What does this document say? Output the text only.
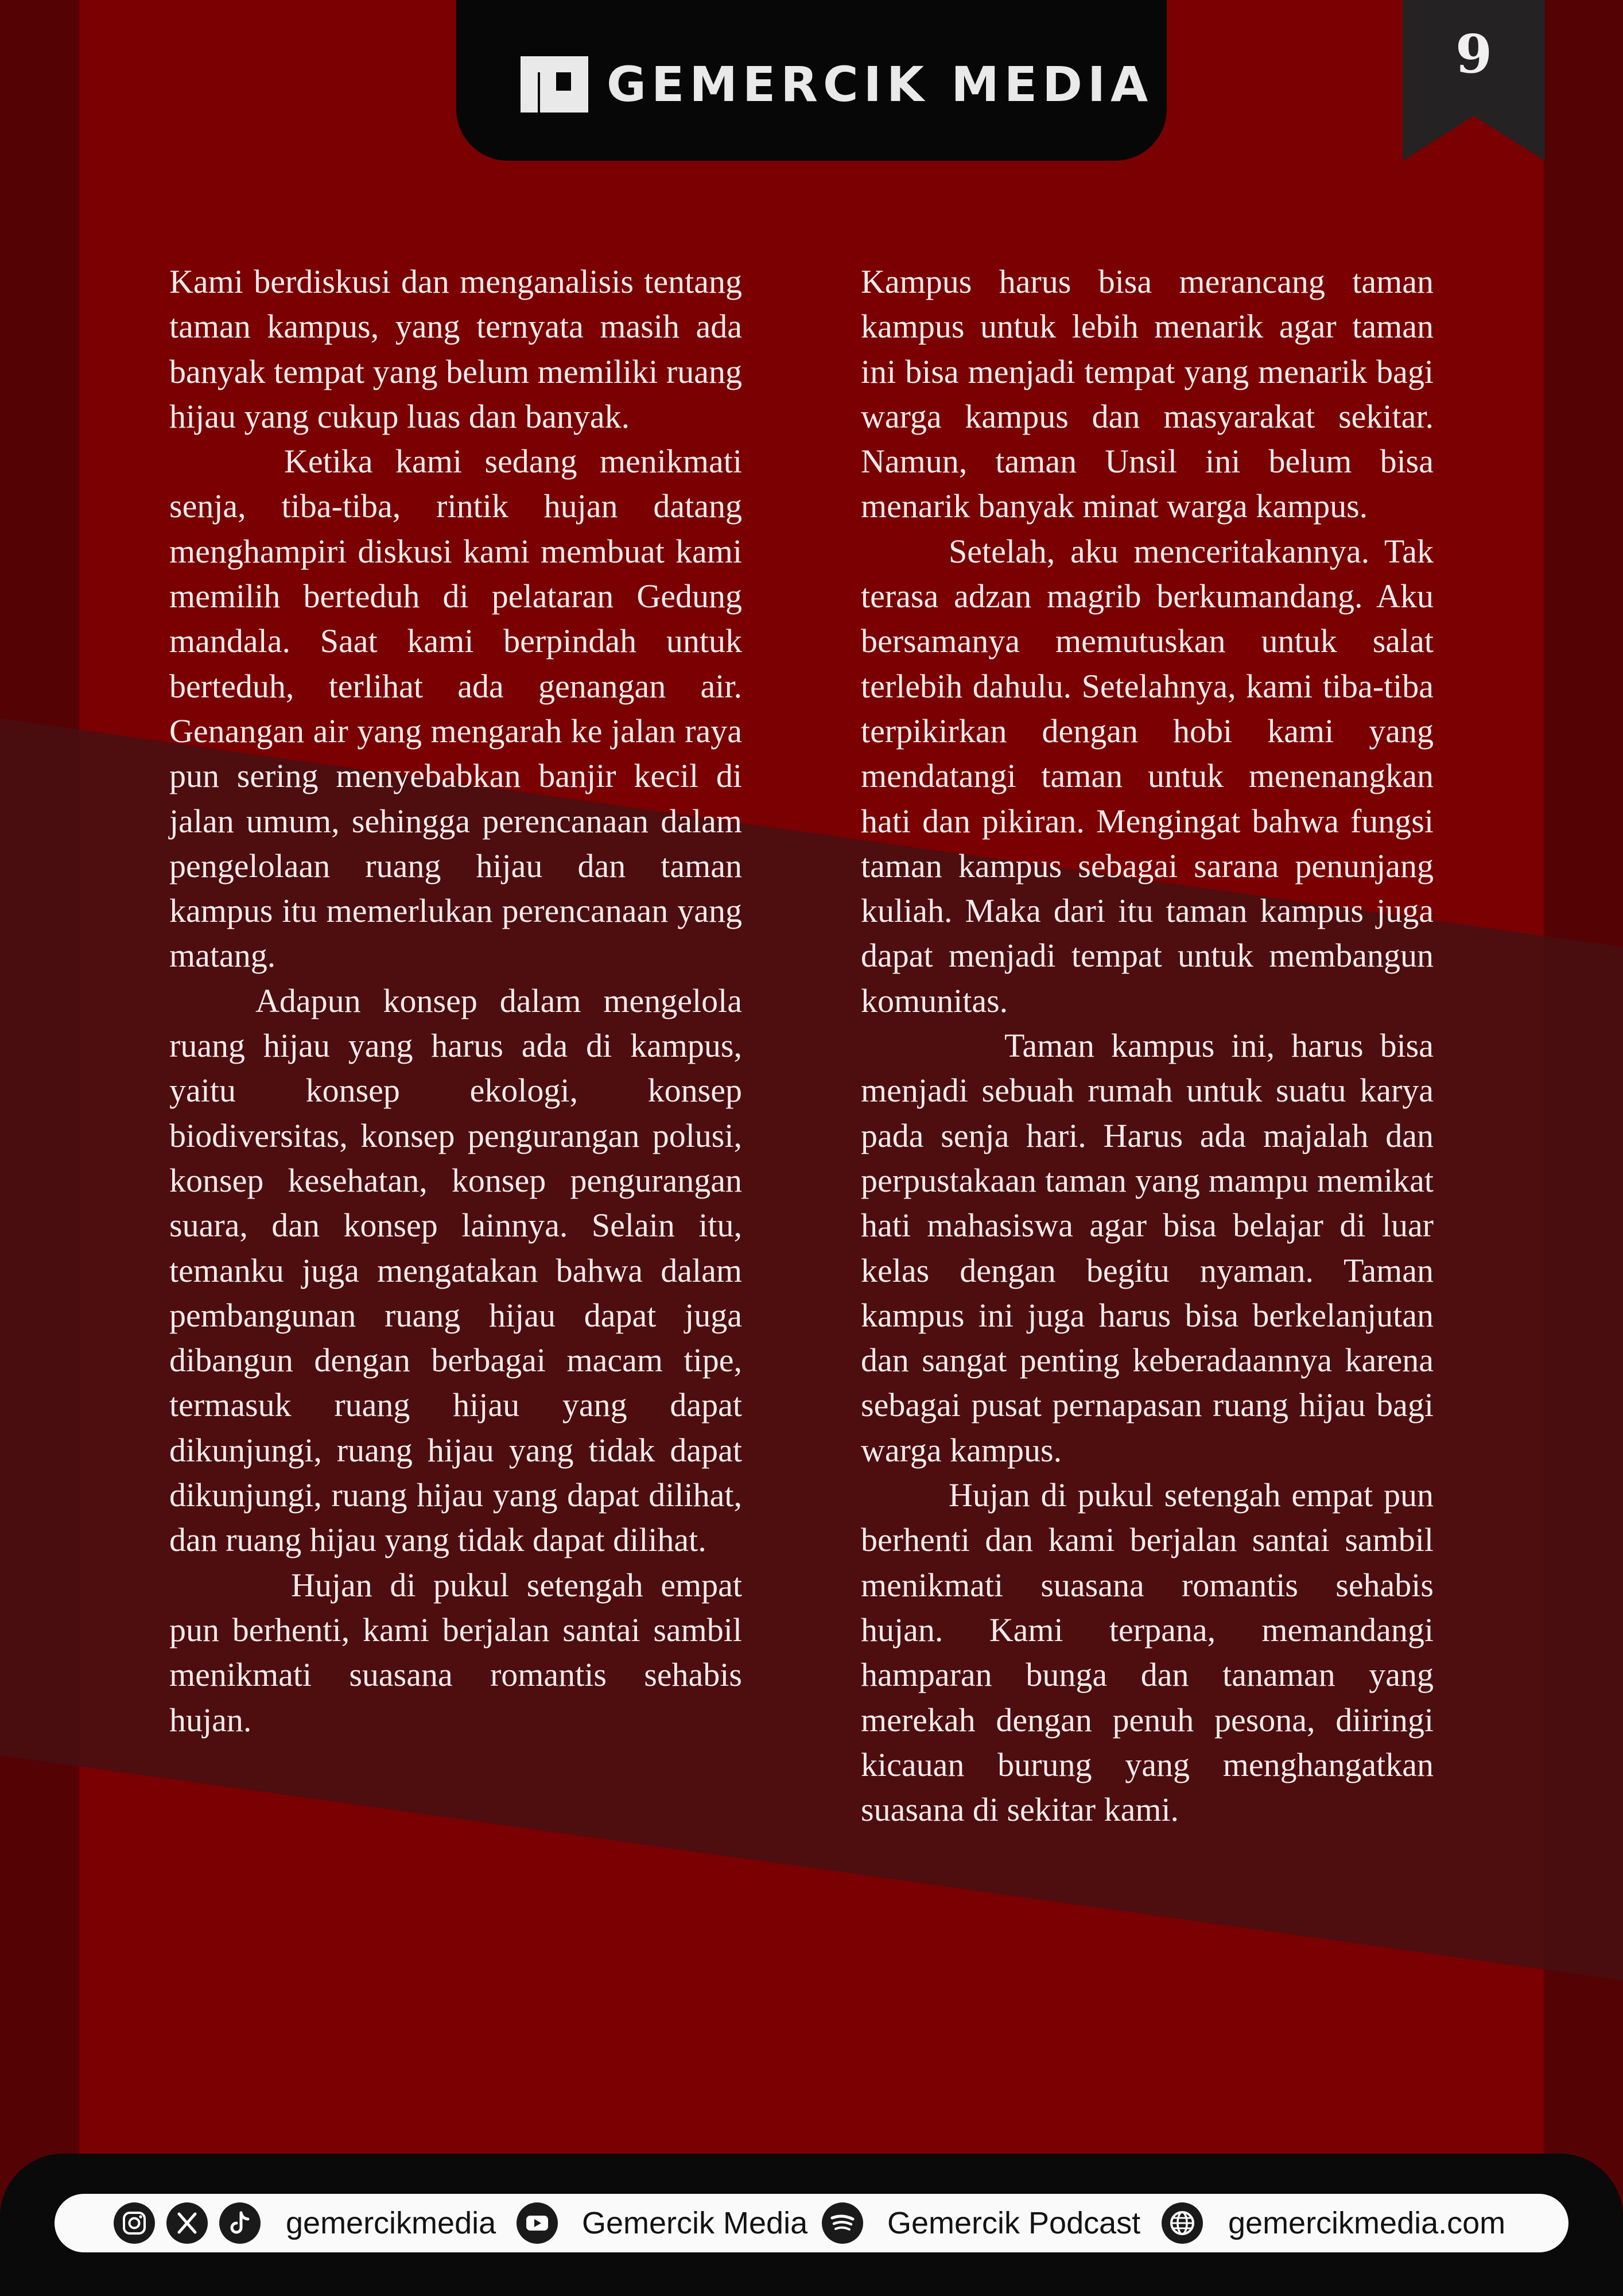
GEMERCIK MEDIA	9

Kami berdiskusi dan menganalisis tentang taman kampus, yang ternyata masih ada banyak tempat yang belum memiliki ruang hijau yang cukup luas dan banyak.

Ketika kami sedang menikmati senja, tiba-tiba, rintik hujan datang menghampiri diskusi kami membuat kami memilih berteduh di pelataran Gedung mandala. Saat kami berpindah untuk berteduh, terlihat ada genangan air. Genangan air yang mengarah ke jalan raya pun sering menyebabkan banjir kecil di jalan umum, sehingga perencanaan dalam pengelolaan ruang hijau dan taman kampus itu memerlukan perencanaan yang matang.

Adapun konsep dalam mengelola ruang hijau yang harus ada di kampus, yaitu konsep ekologi, konsep biodiversitas, konsep pengurangan polusi, konsep kesehatan, konsep pengurangan suara, dan konsep lainnya. Selain itu, temanku juga mengatakan bahwa dalam pembangunan ruang hijau dapat juga dibangun dengan berbagai macam tipe, termasuk ruang hijau yang dapat dikunjungi, ruang hijau yang tidak dapat dikunjungi, ruang hijau yang dapat dilihat, dan ruang hijau yang tidak dapat dilihat.

Hujan di pukul setengah empat pun berhenti, kami berjalan santai sambil menikmati suasana romantis sehabis hujan.

Kampus harus bisa merancang taman kampus untuk lebih menarik agar taman ini bisa menjadi tempat yang menarik bagi warga kampus dan masyarakat sekitar. Namun, taman Unsil ini belum bisa menarik banyak minat warga kampus.

Setelah, aku menceritakannya. Tak terasa adzan magrib berkumandang. Aku bersamanya memutuskan untuk salat terlebih dahulu. Setelahnya, kami tiba-tiba terpikirkan dengan hobi kami yang mendatangi taman untuk menenangkan hati dan pikiran. Mengingat bahwa fungsi taman kampus sebagai sarana penunjang kuliah. Maka dari itu taman kampus juga dapat menjadi tempat untuk membangun komunitas.

Taman kampus ini, harus bisa menjadi sebuah rumah untuk suatu karya pada senja hari. Harus ada majalah dan perpustakaan taman yang mampu memikat hati mahasiswa agar bisa belajar di luar kelas dengan begitu nyaman. Taman kampus ini juga harus bisa berkelanjutan dan sangat penting keberadaannya karena sebagai pusat pernapasan ruang hijau bagi warga kampus.

Hujan di pukul setengah empat pun berhenti dan kami berjalan santai sambil menikmati suasana romantis sehabis hujan. Kami terpana, memandangi hamparan bunga dan tanaman yang merekah dengan penuh pesona, diiringi kicauan burung yang menghangatkan suasana di sekitar kami.

gemercikmedia	Gemercik Media	Gemercik Podcast	gemercikmedia.com
